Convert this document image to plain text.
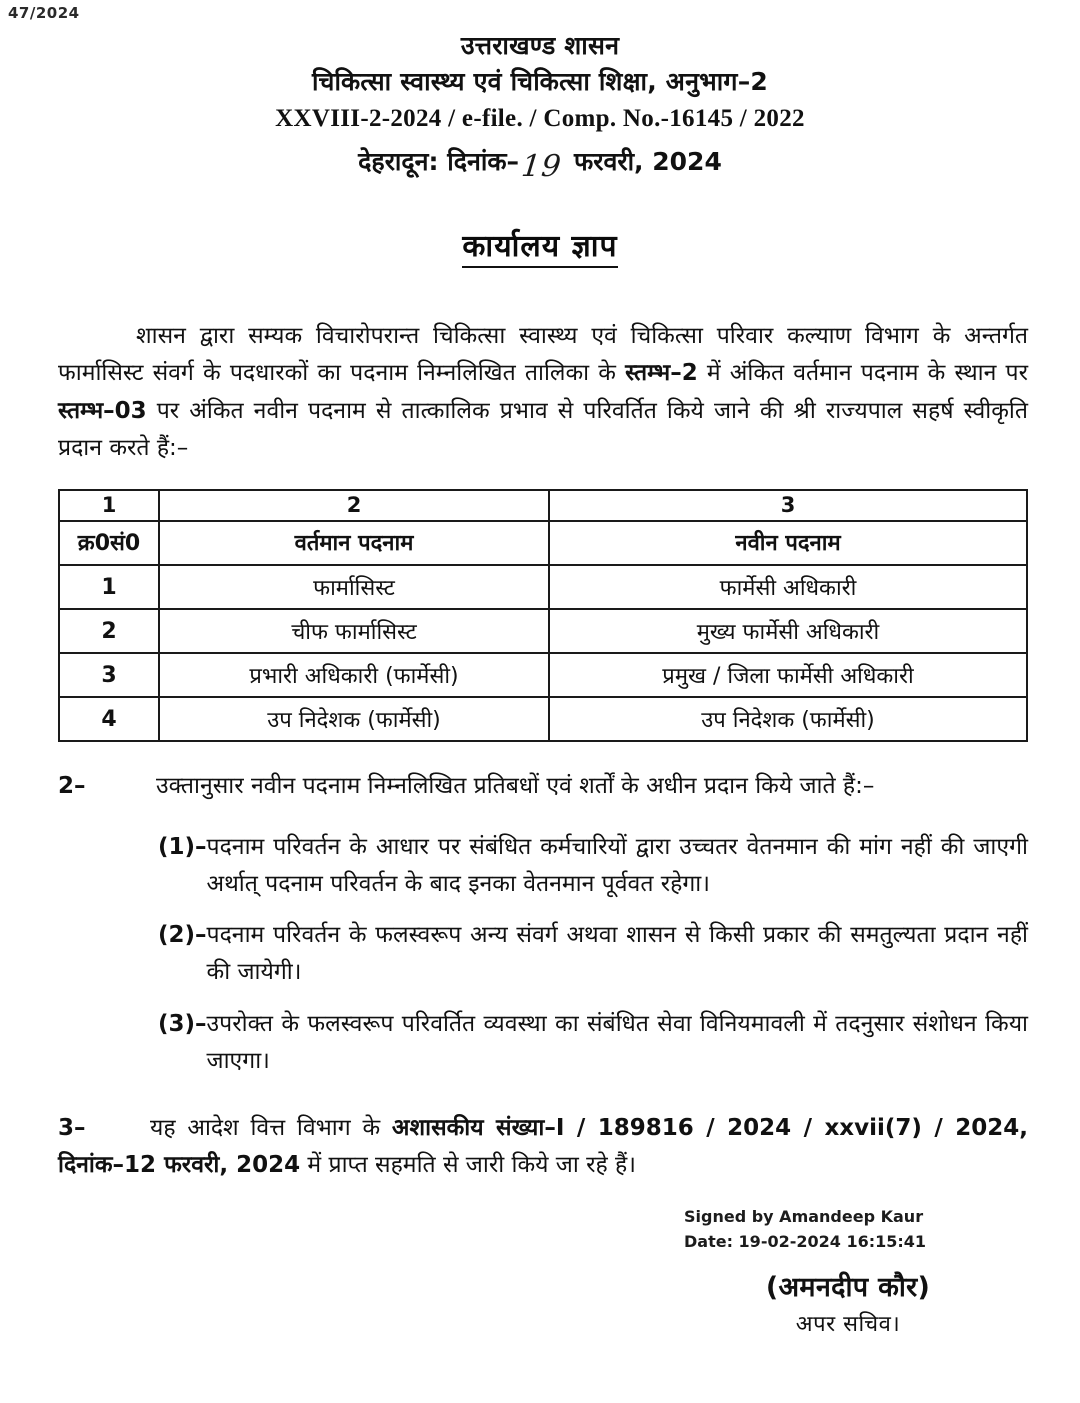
47/2024
उत्तराखण्ड शासन
चिकित्सा स्वास्थ्य एवं चिकित्सा शिक्षा, अनुभाग–2
XXVIII-2-2024 / e-file. / Comp. No.-16145 / 2022
देहरादून: दिनांक–19 फरवरी, 2024
कार्यालय ज्ञाप
शासन द्वारा सम्यक विचारोपरान्त चिकित्सा स्वास्थ्य एवं चिकित्सा परिवार कल्याण विभाग के अन्तर्गत फार्मासिस्ट संवर्ग के पदधारकों का पदनाम निम्नलिखित तालिका के स्तम्भ–2 में अंकित वर्तमान पदनाम के स्थान पर स्तम्भ–03 पर अंकित नवीन पदनाम से तात्कालिक प्रभाव से परिवर्तित किये जाने की श्री राज्यपाल सहर्ष स्वीकृति प्रदान करते हैं:–
1	2	3
क्र0सं0	वर्तमान पदनाम	नवीन पदनाम
1	फार्मासिस्ट	फार्मेसी अधिकारी
2	चीफ फार्मासिस्ट	मुख्य फार्मेसी अधिकारी
3	प्रभारी अधिकारी (फार्मेसी)	प्रमुख / जिला फार्मेसी अधिकारी
4	उप निदेशक (फार्मेसी)	उप निदेशक (फार्मेसी)
2–	उक्तानुसार नवीन पदनाम निम्नलिखित प्रतिबधों एवं शर्तों के अधीन प्रदान किये जाते हैं:–
(1)– पदनाम परिवर्तन के आधार पर संबंधित कर्मचारियों द्वारा उच्चतर वेतनमान की मांग नहीं की जाएगी अर्थात् पदनाम परिवर्तन के बाद इनका वेतनमान पूर्ववत रहेगा।
(2)– पदनाम परिवर्तन के फलस्वरूप अन्य संवर्ग अथवा शासन से किसी प्रकार की समतुल्यता प्रदान नहीं की जायेगी।
(3)– उपरोक्त के फलस्वरूप परिवर्तित व्यवस्था का संबंधित सेवा विनियमावली में तदनुसार संशोधन किया जाएगा।
3–	यह आदेश वित्त विभाग के अशासकीय संख्या–I / 189816 / 2024 / xxvii(7) / 2024, दिनांक–12 फरवरी, 2024 में प्राप्त सहमति से जारी किये जा रहे हैं।
Signed by Amandeep Kaur
Date: 19-02-2024 16:15:41
(अमनदीप कौर)
अपर सचिव।
